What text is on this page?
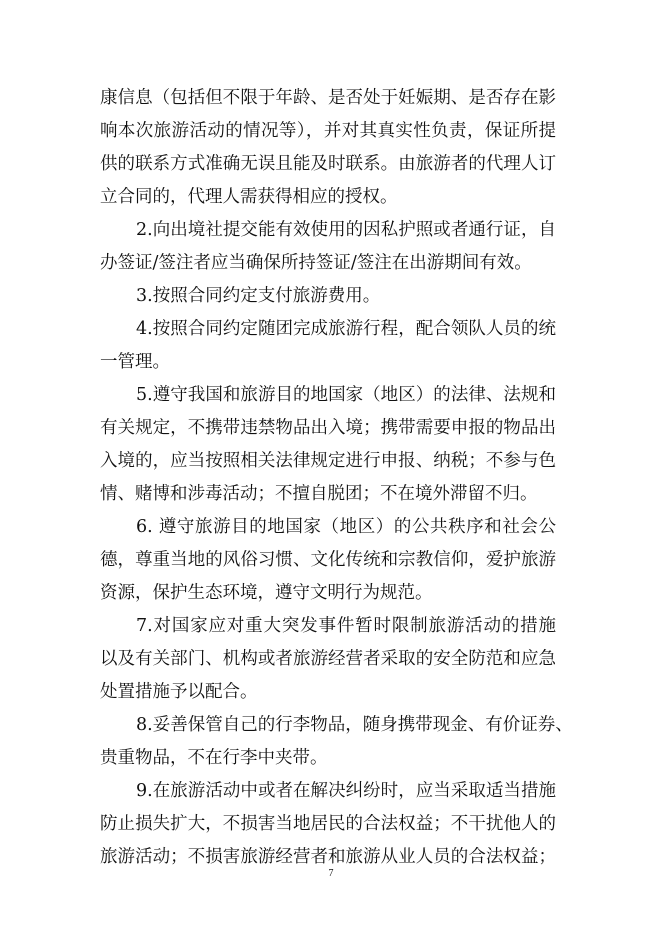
康信息（包括但不限于年龄、是否处于妊娠期、是否存在影
响本次旅游活动的情况等），并对其真实性负责，保证所提
供的联系方式准确无误且能及时联系。由旅游者的代理人订
立合同的，代理人需获得相应的授权。
2.向出境社提交能有效使用的因私护照或者通行证，自
办签证/签注者应当确保所持签证/签注在出游期间有效。
3.按照合同约定支付旅游费用。
4.按照合同约定随团完成旅游行程，配合领队人员的统
一管理。
5.遵守我国和旅游目的地国家（地区）的法律、法规和
有关规定，不携带违禁物品出入境；携带需要申报的物品出
入境的，应当按照相关法律规定进行申报、纳税；不参与色
情、赌博和涉毒活动；不擅自脱团；不在境外滞留不归。
6. 遵守旅游目的地国家（地区）的公共秩序和社会公
德，尊重当地的风俗习惯、文化传统和宗教信仰，爱护旅游
资源，保护生态环境，遵守文明行为规范。
7.对国家应对重大突发事件暂时限制旅游活动的措施
以及有关部门、机构或者旅游经营者采取的安全防范和应急
处置措施予以配合。
8.妥善保管自己的行李物品，随身携带现金、有价证券、
贵重物品，不在行李中夹带。
9.在旅游活动中或者在解决纠纷时，应当采取适当措施
防止损失扩大，不损害当地居民的合法权益；不干扰他人的
旅游活动；不损害旅游经营者和旅游从业人员的合法权益；
7
